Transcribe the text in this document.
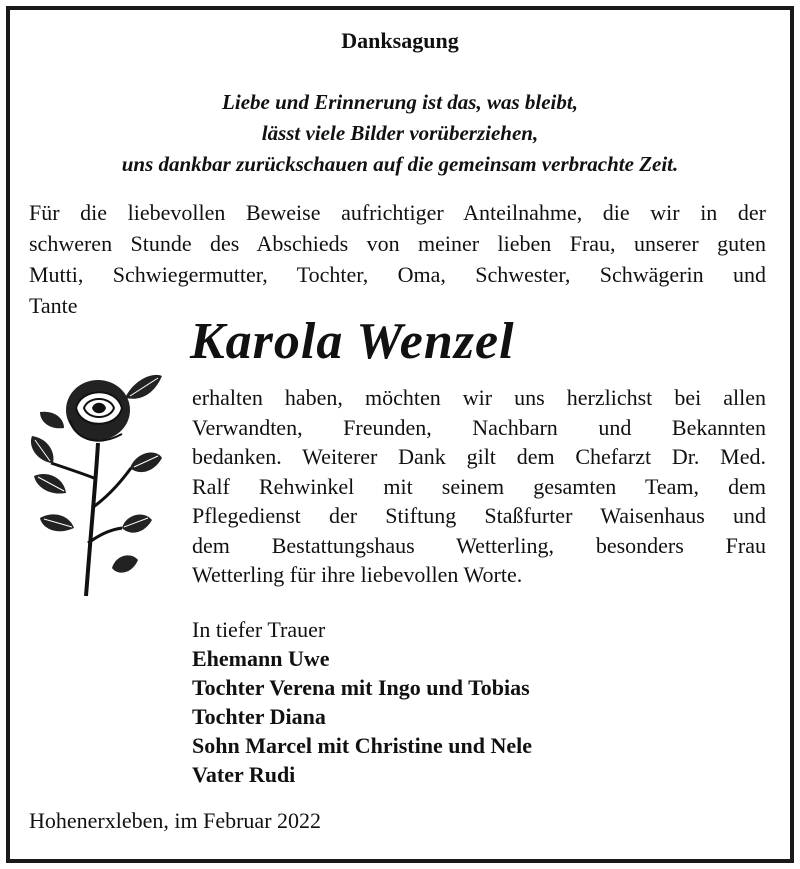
Danksagung
Liebe und Erinnerung ist das, was bleibt,
lässt viele Bilder vorüberziehen,
uns dankbar zurückschauen auf die gemeinsam verbrachte Zeit.
Für die liebevollen Beweise aufrichtiger Anteilnahme, die wir in der
schweren Stunde des Abschieds von meiner lieben Frau, unserer guten
Mutti, Schwiegermutter, Tochter, Oma, Schwester, Schwägerin und
Tante
Karola Wenzel
erhalten haben, möchten wir uns herzlichst bei allen
Verwandten, Freunden, Nachbarn und Bekannten
bedanken. Weiterer Dank gilt dem Chefarzt Dr. Med.
Ralf Rehwinkel mit seinem gesamten Team, dem
Pflegedienst der Stiftung Staßfurter Waisenhaus und
dem Bestattungshaus Wetterling, besonders Frau
Wetterling für ihre liebevollen Worte.
In tiefer Trauer
Ehemann Uwe
Tochter Verena mit Ingo und Tobias
Tochter Diana
Sohn Marcel mit Christine und Nele
Vater Rudi
Hohenerxleben, im Februar 2022
